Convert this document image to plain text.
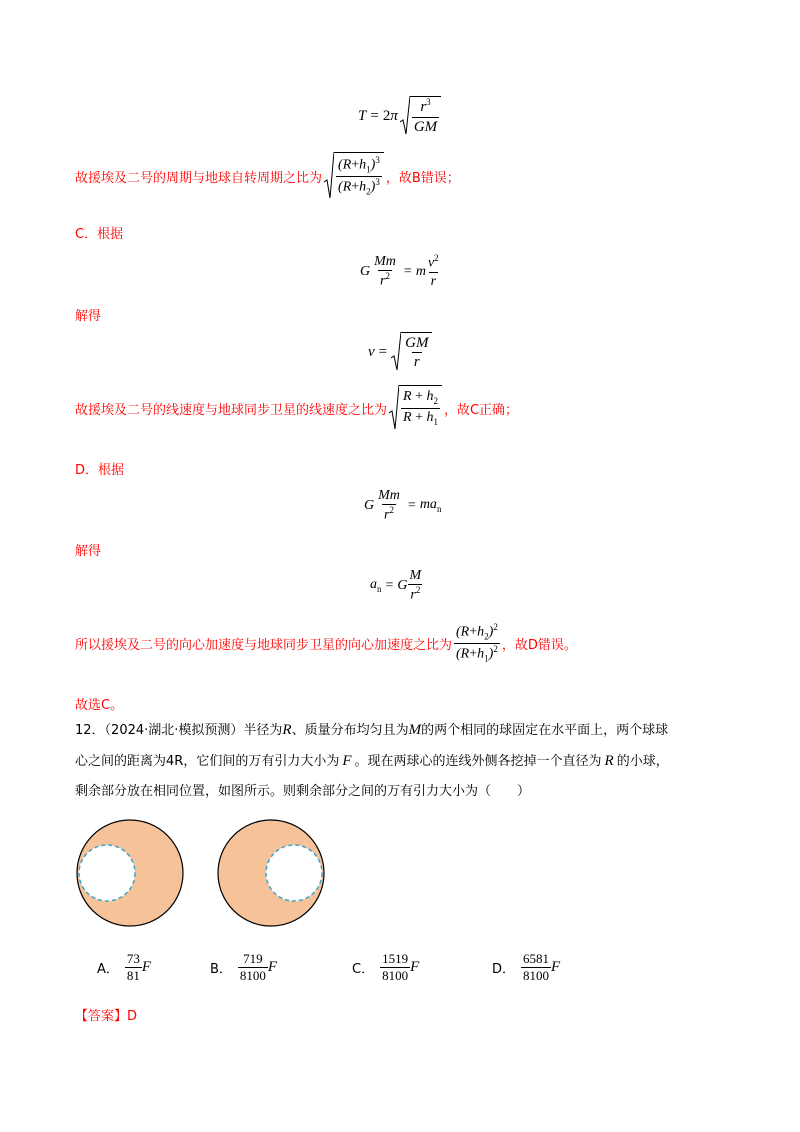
T = 2 π $\frac{r^3}{GM}$
故援埃及二号的周期与地球自转周期之比为 $\frac{(R+h_1)^3}{(R+h_2)^3}$ ，故B错误；
C．根据
G $\frac{Mm}{r^2} = m \frac{v^2}{r}$
解得
$v = \frac{GM}{r}$
故援埃及二号的线速度与地球同步卫星的线速度之比为 $\frac{R + h_2}{R + h_1}$ ，故C正确；
D．根据
G $\frac{Mm}{r^2} = ma_n$
解得
$a_n = G \frac{M}{r^2}$
所以援埃及二号的向心加速度与地球同步卫星的向心加速度之比为 $\frac{(R+h_2)^2}{(R+h_1)^2}$ ，故D错误。
故选C。
12．（2024·湖北·模拟预测）半径为R、质量分布均匀且为M的两个相同的球固定在水平面上，两个球球
心之间的距离为4R，它们间的万有引力大小为 F 。现在两球心的连线外侧各挖掉一个直径为 R 的小球，
剩余部分放在相同位置，如图所示。则剩余部分之间的万有引力大小为（　　）
A． $\frac{73}{81}$ F	B． $\frac{719}{8100}$ F	C． $\frac{1519}{8100}$ F	D． $\frac{6581}{8100}$ F
【答案】D
